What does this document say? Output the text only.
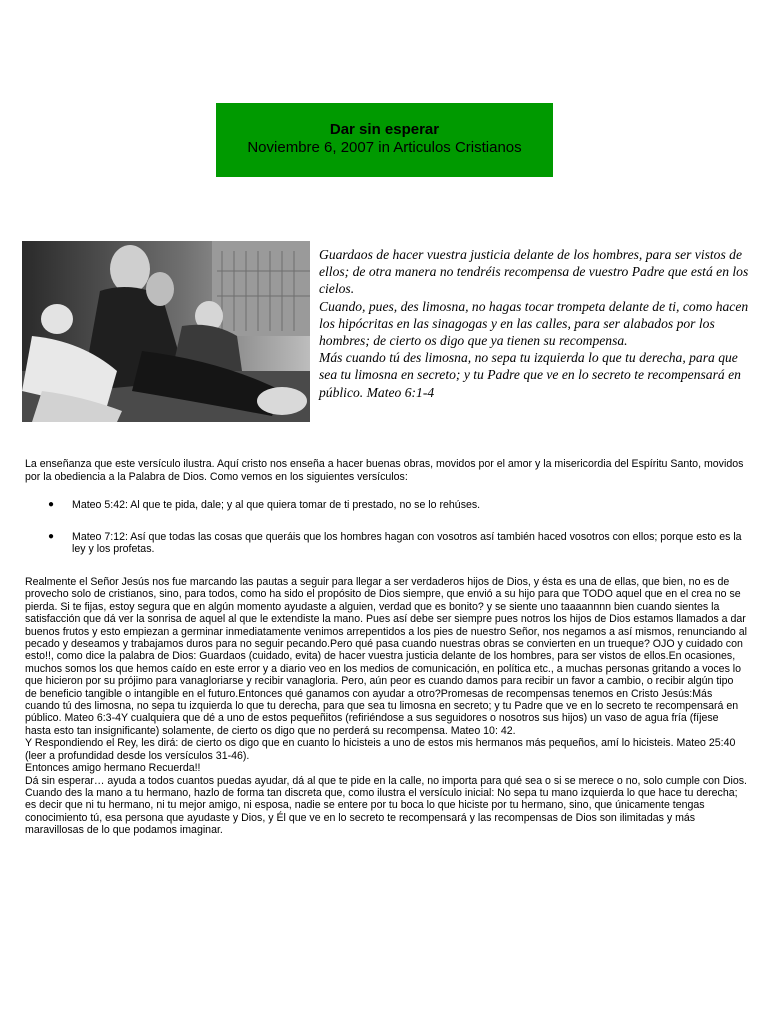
Dar sin esperar
Noviembre 6, 2007 in Articulos Cristianos

Guardaos de hacer vuestra justicia delante de los hombres, para ser vistos de ellos; de otra manera no tendréis recompensa de vuestro Padre que está en los cielos.

Cuando, pues, des limosna, no hagas tocar trompeta delante de ti, como hacen los hipócritas en las sinagogas y en las calles, para ser alabados por los hombres; de cierto os digo que ya tienen su recompensa.

Más cuando tú des limosna, no sepa tu izquierda lo que tu derecha, para que sea tu limosna en secreto; y tu Padre que ve en lo secreto te recompensará en público. Mateo 6:1-4

La enseñanza que este versículo ilustra. Aquí cristo nos enseña a hacer buenas obras, movidos por el amor y la misericordia del Espíritu Santo, movidos por la obediencia a la Palabra de Dios. Como vemos en los siguientes versículos:

● Mateo 5:42: Al que te pida, dale; y al que quiera tomar de ti prestado, no se lo rehúses.
● Mateo 7:12: Así que todas las cosas que queráis que los hombres hagan con vosotros así también haced vosotros con ellos; porque esto es la ley y los profetas.

Realmente el Señor Jesús nos fue marcando las pautas a seguir para llegar a ser verdaderos hijos de Dios, y ésta es una de ellas, que bien, no es de provecho solo de cristianos, sino, para todos, como ha sido el propósito de Dios siempre, que envió a su hijo para que TODO aquel que en el crea no se pierda. Si te fijas, estoy segura que en algún momento ayudaste a alguien, verdad que es bonito? y se siente uno taaaannnn bien cuando sientes la satisfacción que dá ver la sonrisa de aquel al que le extendiste la mano. Pues así debe ser siempre pues notros los hijos de Dios estamos llamados a dar buenos frutos y esto empiezan a germinar inmediatamente venimos arrepentidos a los pies de nuestro Señor, nos negamos a así mismos, renunciando al pecado y deseamos y trabajamos duros para no seguir pecando.Pero qué pasa cuando nuestras obras se convierten en un trueque? OJO y cuidado con esto!!, como dice la palabra de Dios: Guardaos (cuidado, evita) de hacer vuestra justicia delante de los hombres, para ser vistos de ellos.En ocasiones, muchos somos los que hemos caído en este error y a diario veo en los medios de comunicación, en política etc., a muchas personas gritando a voces lo que hicieron por su prójimo para vanagloriarse y recibir vanagloria. Pero, aún peor es cuando damos para recibir un favor a cambio, o recibir algún tipo de beneficio tangible o intangible en el futuro.Entonces qué ganamos con ayudar a otro?Promesas de recompensas tenemos en Cristo Jesús:Más cuando tú des limosna, no sepa tu izquierda lo que tu derecha, para que sea tu limosna en secreto; y tu Padre que ve en lo secreto te recompensará en público. Mateo 6:3-4Y cualquiera que dé a uno de estos pequeñitos (refiriéndose a sus seguidores o nosotros sus hijos) un vaso de agua fría (fíjese hasta esto tan insignificante) solamente, de cierto os digo que no perderá su recompensa. Mateo 10: 42.

Y Respondiendo el Rey, les dirá: de cierto os digo que en cuanto lo hicisteis a uno de estos mis hermanos más pequeños, amí lo hicisteis. Mateo 25:40 (leer a profundidad desde los versículos 31-46).

Entonces amigo hermano Recuerda!!

Dá sin esperar… ayuda a todos cuantos puedas ayudar, dá al que te pide en la calle, no importa para qué sea o si se merece o no, solo cumple con Dios. Cuando des la mano a tu hermano, hazlo de forma tan discreta que, como ilustra el versículo inicial: No sepa tu mano izquierda lo que hace tu derecha; es decir que ni tu hermano, ni tu mejor amigo, ni esposa, nadie se entere por tu boca lo que hiciste por tu hermano, sino, que únicamente tengas conocimiento tú, esa persona que ayudaste y Dios, y Él que ve en lo secreto te recompensará y las recompensas de Dios son ilimitadas y más maravillosas de lo que podamos imaginar.
